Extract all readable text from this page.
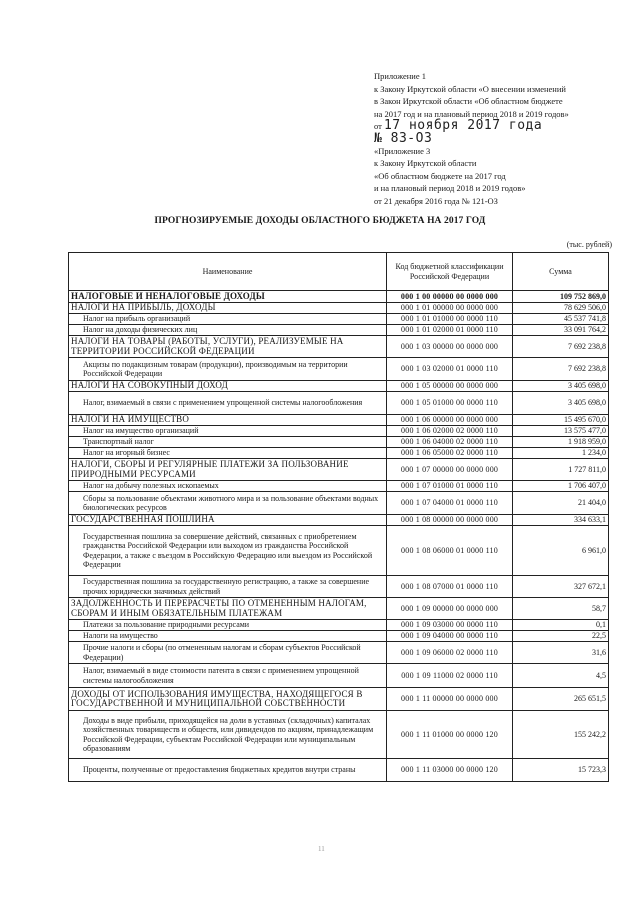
Приложение 1
к Закону Иркутской области «О внесении изменений
в Закон Иркутской области «Об областном бюджете
на 2017 год и на плановый период 2018 и 2019 годов»
от 17 ноября 2017 года
№ 83-ОЗ
«Приложение 3
к Закону Иркутской области
«Об областном бюджете на 2017 год
и на плановый период 2018 и 2019 годов»
от 21 декабря 2016 года № 121-ОЗ
ПРОГНОЗИРУЕМЫЕ ДОХОДЫ ОБЛАСТНОГО БЮДЖЕТА НА 2017 ГОД
(тыс. рублей)
Наименование	Код бюджетной классификации Российской Федерации	Сумма
НАЛОГОВЫЕ И НЕНАЛОГОВЫЕ ДОХОДЫ	000 1 00 00000 00 0000 000	109 752 869,0
НАЛОГИ НА ПРИБЫЛЬ, ДОХОДЫ	000 1 01 00000 00 0000 000	78 629 506,0
Налог на прибыль организаций	000 1 01 01000 00 0000 110	45 537 741,8
Налог на доходы физических лиц	000 1 01 02000 01 0000 110	33 091 764,2
НАЛОГИ НА ТОВАРЫ (РАБОТЫ, УСЛУГИ), РЕАЛИЗУЕМЫЕ НА ТЕРРИТОРИИ РОССИЙСКОЙ ФЕДЕРАЦИИ	000 1 03 00000 00 0000 000	7 692 238,8
Акцизы по подакцизным товарам (продукции), производимым на территории Российской Федерации	000 1 03 02000 01 0000 110	7 692 238,8
НАЛОГИ НА СОВОКУПНЫЙ ДОХОД	000 1 05 00000 00 0000 000	3 405 698,0
Налог, взимаемый в связи с применением упрощенной системы налогообложения	000 1 05 01000 00 0000 110	3 405 698,0
НАЛОГИ НА ИМУЩЕСТВО	000 1 06 00000 00 0000 000	15 495 670,0
Налог на имущество организаций	000 1 06 02000 02 0000 110	13 575 477,0
Транспортный налог	000 1 06 04000 02 0000 110	1 918 959,0
Налог на игорный бизнес	000 1 06 05000 02 0000 110	1 234,0
НАЛОГИ, СБОРЫ И РЕГУЛЯРНЫЕ ПЛАТЕЖИ ЗА ПОЛЬЗОВАНИЕ ПРИРОДНЫМИ РЕСУРСАМИ	000 1 07 00000 00 0000 000	1 727 811,0
Налог на добычу полезных ископаемых	000 1 07 01000 01 0000 110	1 706 407,0
Сборы за пользование объектами животного мира и за пользование объектами водных биологических ресурсов	000 1 07 04000 01 0000 110	21 404,0
ГОСУДАРСТВЕННАЯ ПОШЛИНА	000 1 08 00000 00 0000 000	334 633,1
Государственная пошлина за совершение действий, связанных с приобретением гражданства Российской Федерации или выходом из гражданства Российской Федерации, а также с въездом в Российскую Федерацию или выездом из Российской Федерации	000 1 08 06000 01 0000 110	6 961,0
Государственная пошлина за государственную регистрацию, а также за совершение прочих юридически значимых действий	000 1 08 07000 01 0000 110	327 672,1
ЗАДОЛЖЕННОСТЬ И ПЕРЕРАСЧЕТЫ ПО ОТМЕНЕННЫМ НАЛОГАМ, СБОРАМ И ИНЫМ ОБЯЗАТЕЛЬНЫМ ПЛАТЕЖАМ	000 1 09 00000 00 0000 000	58,7
Платежи за пользование природными ресурсами	000 1 09 03000 00 0000 110	0,1
Налоги на имущество	000 1 09 04000 00 0000 110	22,5
Прочие налоги и сборы (по отмененным налогам и сборам субъектов Российской Федерации)	000 1 09 06000 02 0000 110	31,6
Налог, взимаемый в виде стоимости патента в связи с применением упрощенной системы налогообложения	000 1 09 11000 02 0000 110	4,5
ДОХОДЫ ОТ ИСПОЛЬЗОВАНИЯ ИМУЩЕСТВА, НАХОДЯЩЕГОСЯ В ГОСУДАРСТВЕННОЙ И МУНИЦИПАЛЬНОЙ СОБСТВЕННОСТИ	000 1 11 00000 00 0000 000	265 651,5
Доходы в виде прибыли, приходящейся на доли в уставных (складочных) капиталах хозяйственных товариществ и обществ, или дивидендов по акциям, принадлежащим Российской Федерации, субъектам Российской Федерации или муниципальным образованиям	000 1 11 01000 00 0000 120	155 242,2
Проценты, полученные от предоставления бюджетных кредитов внутри страны	000 1 11 03000 00 0000 120	15 723,3
11
